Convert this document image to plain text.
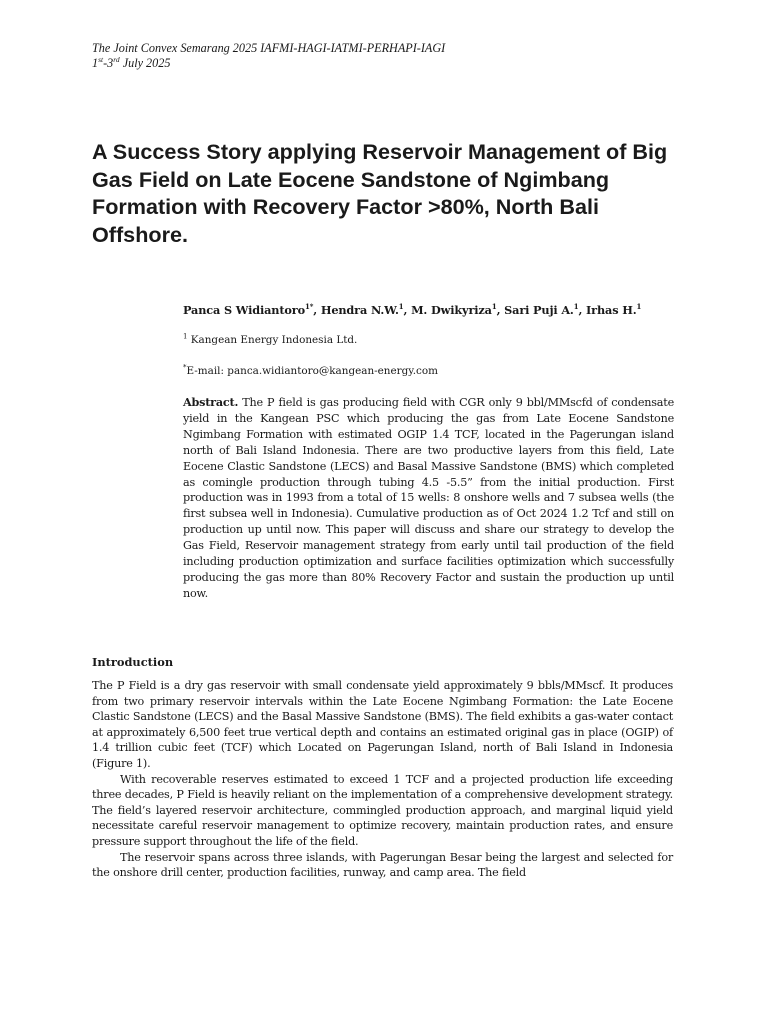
The Joint Convex Semarang 2025 IAFMI-HAGI-IATMI-PERHAPI-IAGI
1st-3rd July 2025
A Success Story applying Reservoir Management of Big Gas Field on Late Eocene Sandstone of Ngimbang Formation with Recovery Factor >80%, North Bali Offshore.
Panca S Widiantoro$^{1*}$, Hendra N.W.$^1$, M. Dwikyriza$^1$, Sari Puji A.$^1$, Irhas H.$^1$
$^1$ Kangean Energy Indonesia Ltd.
*E-mail: panca.widiantoro@kangean-energy.com

Abstract. The P field is gas producing field with CGR only 9 bbl/MMscfd of condensate yield in the Kangean PSC which producing the gas from Late Eocene Sandstone Ngimbang Formation with estimated OGIP 1.4 TCF, located in the Pagerungan island north of Bali Island Indonesia. There are two productive layers from this field, Late Eocene Clastic Sandstone (LECS) and Basal Massive Sandstone (BMS) which completed as comingle production through tubing 4.5 -5.5” from the initial production. First production was in 1993 from a total of 15 wells: 8 onshore wells and 7 subsea wells (the first subsea well in Indonesia). Cumulative production as of Oct 2024 1.2 Tcf and still on production up until now. This paper will discuss and share our strategy to develop the Gas Field, Reservoir management strategy from early until tail production of the field including production optimization and surface facilities optimization which successfully producing the gas more than 80% Recovery Factor and sustain the production up until now.

Introduction

The P Field is a dry gas reservoir with small condensate yield approximately 9 bbls/MMscf. It produces from two primary reservoir intervals within the Late Eocene Ngimbang Formation: the Late Eocene Clastic Sandstone (LECS) and the Basal Massive Sandstone (BMS). The field exhibits a gas-water contact at approximately 6,500 feet true vertical depth and contains an estimated original gas in place (OGIP) of 1.4 trillion cubic feet (TCF) which Located on Pagerungan Island, north of Bali Island in Indonesia (Figure 1).

With recoverable reserves estimated to exceed 1 TCF and a projected production life exceeding three decades, P Field is heavily reliant on the implementation of a comprehensive development strategy. The field’s layered reservoir architecture, commingled production approach, and marginal liquid yield necessitate careful reservoir management to optimize recovery, maintain production rates, and ensure pressure support throughout the life of the field.

The reservoir spans across three islands, with Pagerungan Besar being the largest and selected for the onshore drill center, production facilities, runway, and camp area. The field
